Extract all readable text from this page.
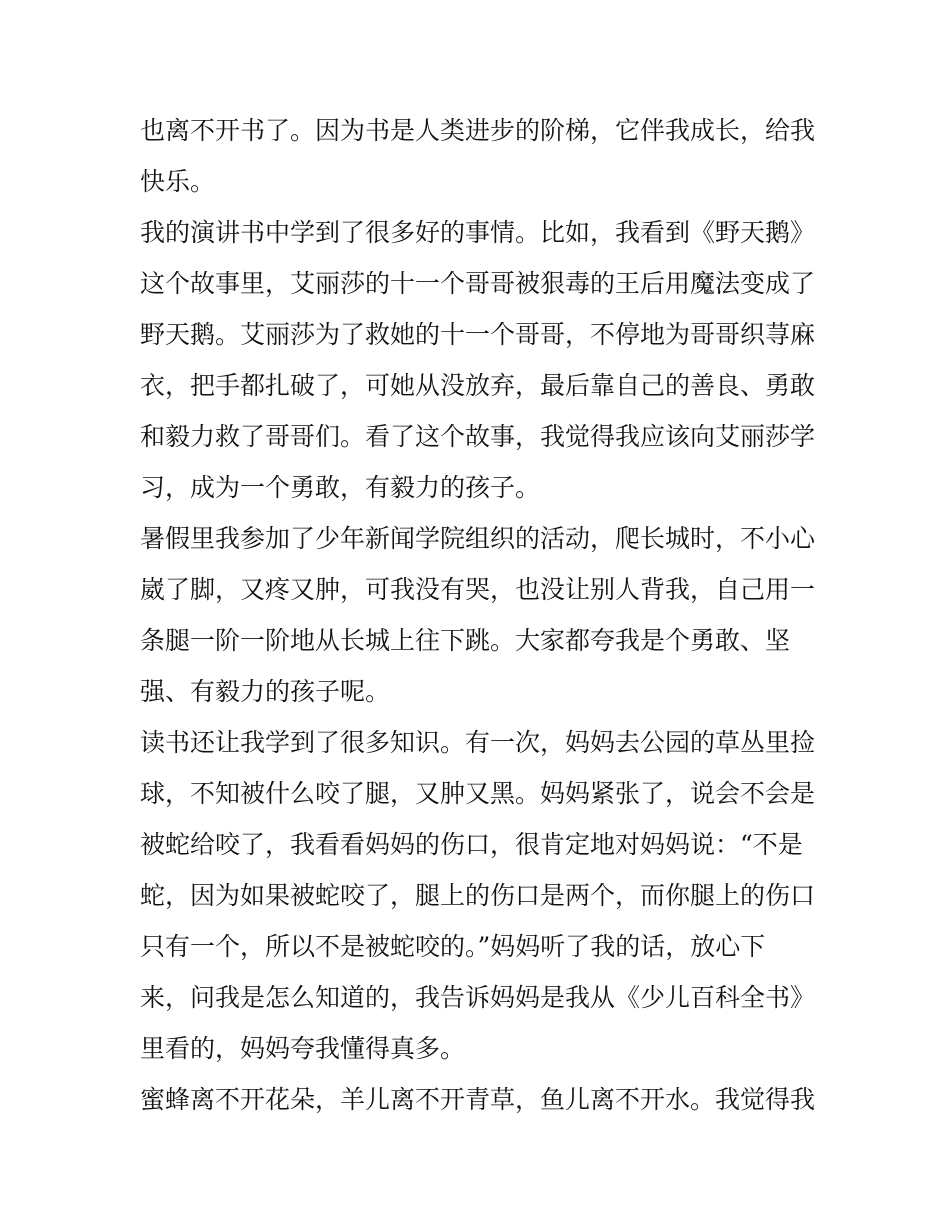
也离不开书了。因为书是人类进步的阶梯，它伴我成长，给我
快乐。
我的演讲书中学到了很多好的事情。比如，我看到《野天鹅》
这个故事里，艾丽莎的十一个哥哥被狠毒的王后用魔法变成了
野天鹅。艾丽莎为了救她的十一个哥哥，不停地为哥哥织荨麻
衣，把手都扎破了，可她从没放弃，最后靠自己的善良、勇敢
和毅力救了哥哥们。看了这个故事，我觉得我应该向艾丽莎学
习，成为一个勇敢，有毅力的孩子。
暑假里我参加了少年新闻学院组织的活动，爬长城时，不小心
崴了脚，又疼又肿，可我没有哭，也没让别人背我，自己用一
条腿一阶一阶地从长城上往下跳。大家都夸我是个勇敢、坚
强、有毅力的孩子呢。
读书还让我学到了很多知识。有一次，妈妈去公园的草丛里捡
球，不知被什么咬了腿，又肿又黑。妈妈紧张了，说会不会是
被蛇给咬了，我看看妈妈的伤口，很肯定地对妈妈说：“不是
蛇，因为如果被蛇咬了，腿上的伤口是两个，而你腿上的伤口
只有一个，所以不是被蛇咬的。”妈妈听了我的话，放心下
来，问我是怎么知道的，我告诉妈妈是我从《少儿百科全书》
里看的，妈妈夸我懂得真多。
蜜蜂离不开花朵，羊儿离不开青草，鱼儿离不开水。我觉得我
